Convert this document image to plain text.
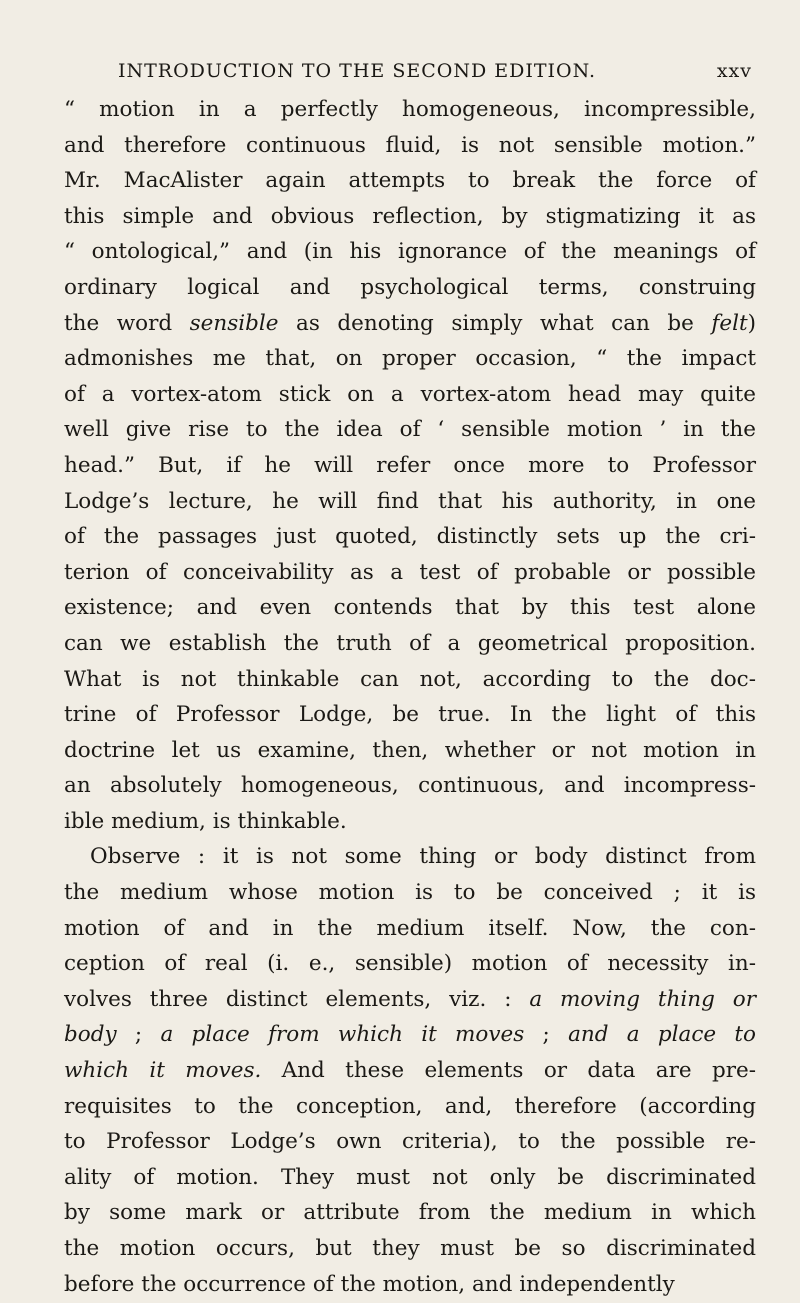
INTRODUCTION TO THE SECOND EDITION.	xxv
“ motion in a perfectly homogeneous, incompressible,
and therefore continuous fluid, is not sensible motion.”
Mr. MacAlister again attempts to break the force of
this simple and obvious reflection, by stigmatizing it as
“ ontological,” and (in his ignorance of the meanings of
ordinary logical and psychological terms, construing
the word sensible as denoting simply what can be felt)
admonishes me that, on proper occasion, “ the impact
of a vortex-atom stick on a vortex-atom head may quite
well give rise to the idea of ‘ sensible motion ’ in the
head.” But, if he will refer once more to Professor
Lodge’s lecture, he will find that his authority, in one
of the passages just quoted, distinctly sets up the cri-
terion of conceivability as a test of probable or possible
existence; and even contends that by this test alone
can we establish the truth of a geometrical proposition.
What is not thinkable can not, according to the doc-
trine of Professor Lodge, be true. In the light of this
doctrine let us examine, then, whether or not motion in
an absolutely homogeneous, continuous, and incompress-
ible medium, is thinkable.
Observe : it is not some thing or body distinct from
the medium whose motion is to be conceived ; it is
motion of and in the medium itself. Now, the con-
ception of real (i. e., sensible) motion of necessity in-
volves three distinct elements, viz. : a moving thing or
body ; a place from which it moves ; and a place to
which it moves. And these elements or data are pre-
requisites to the conception, and, therefore (according
to Professor Lodge’s own criteria), to the possible re-
ality of motion. They must not only be discriminated
by some mark or attribute from the medium in which
the motion occurs, but they must be so discriminated
before the occurrence of the motion, and independently
